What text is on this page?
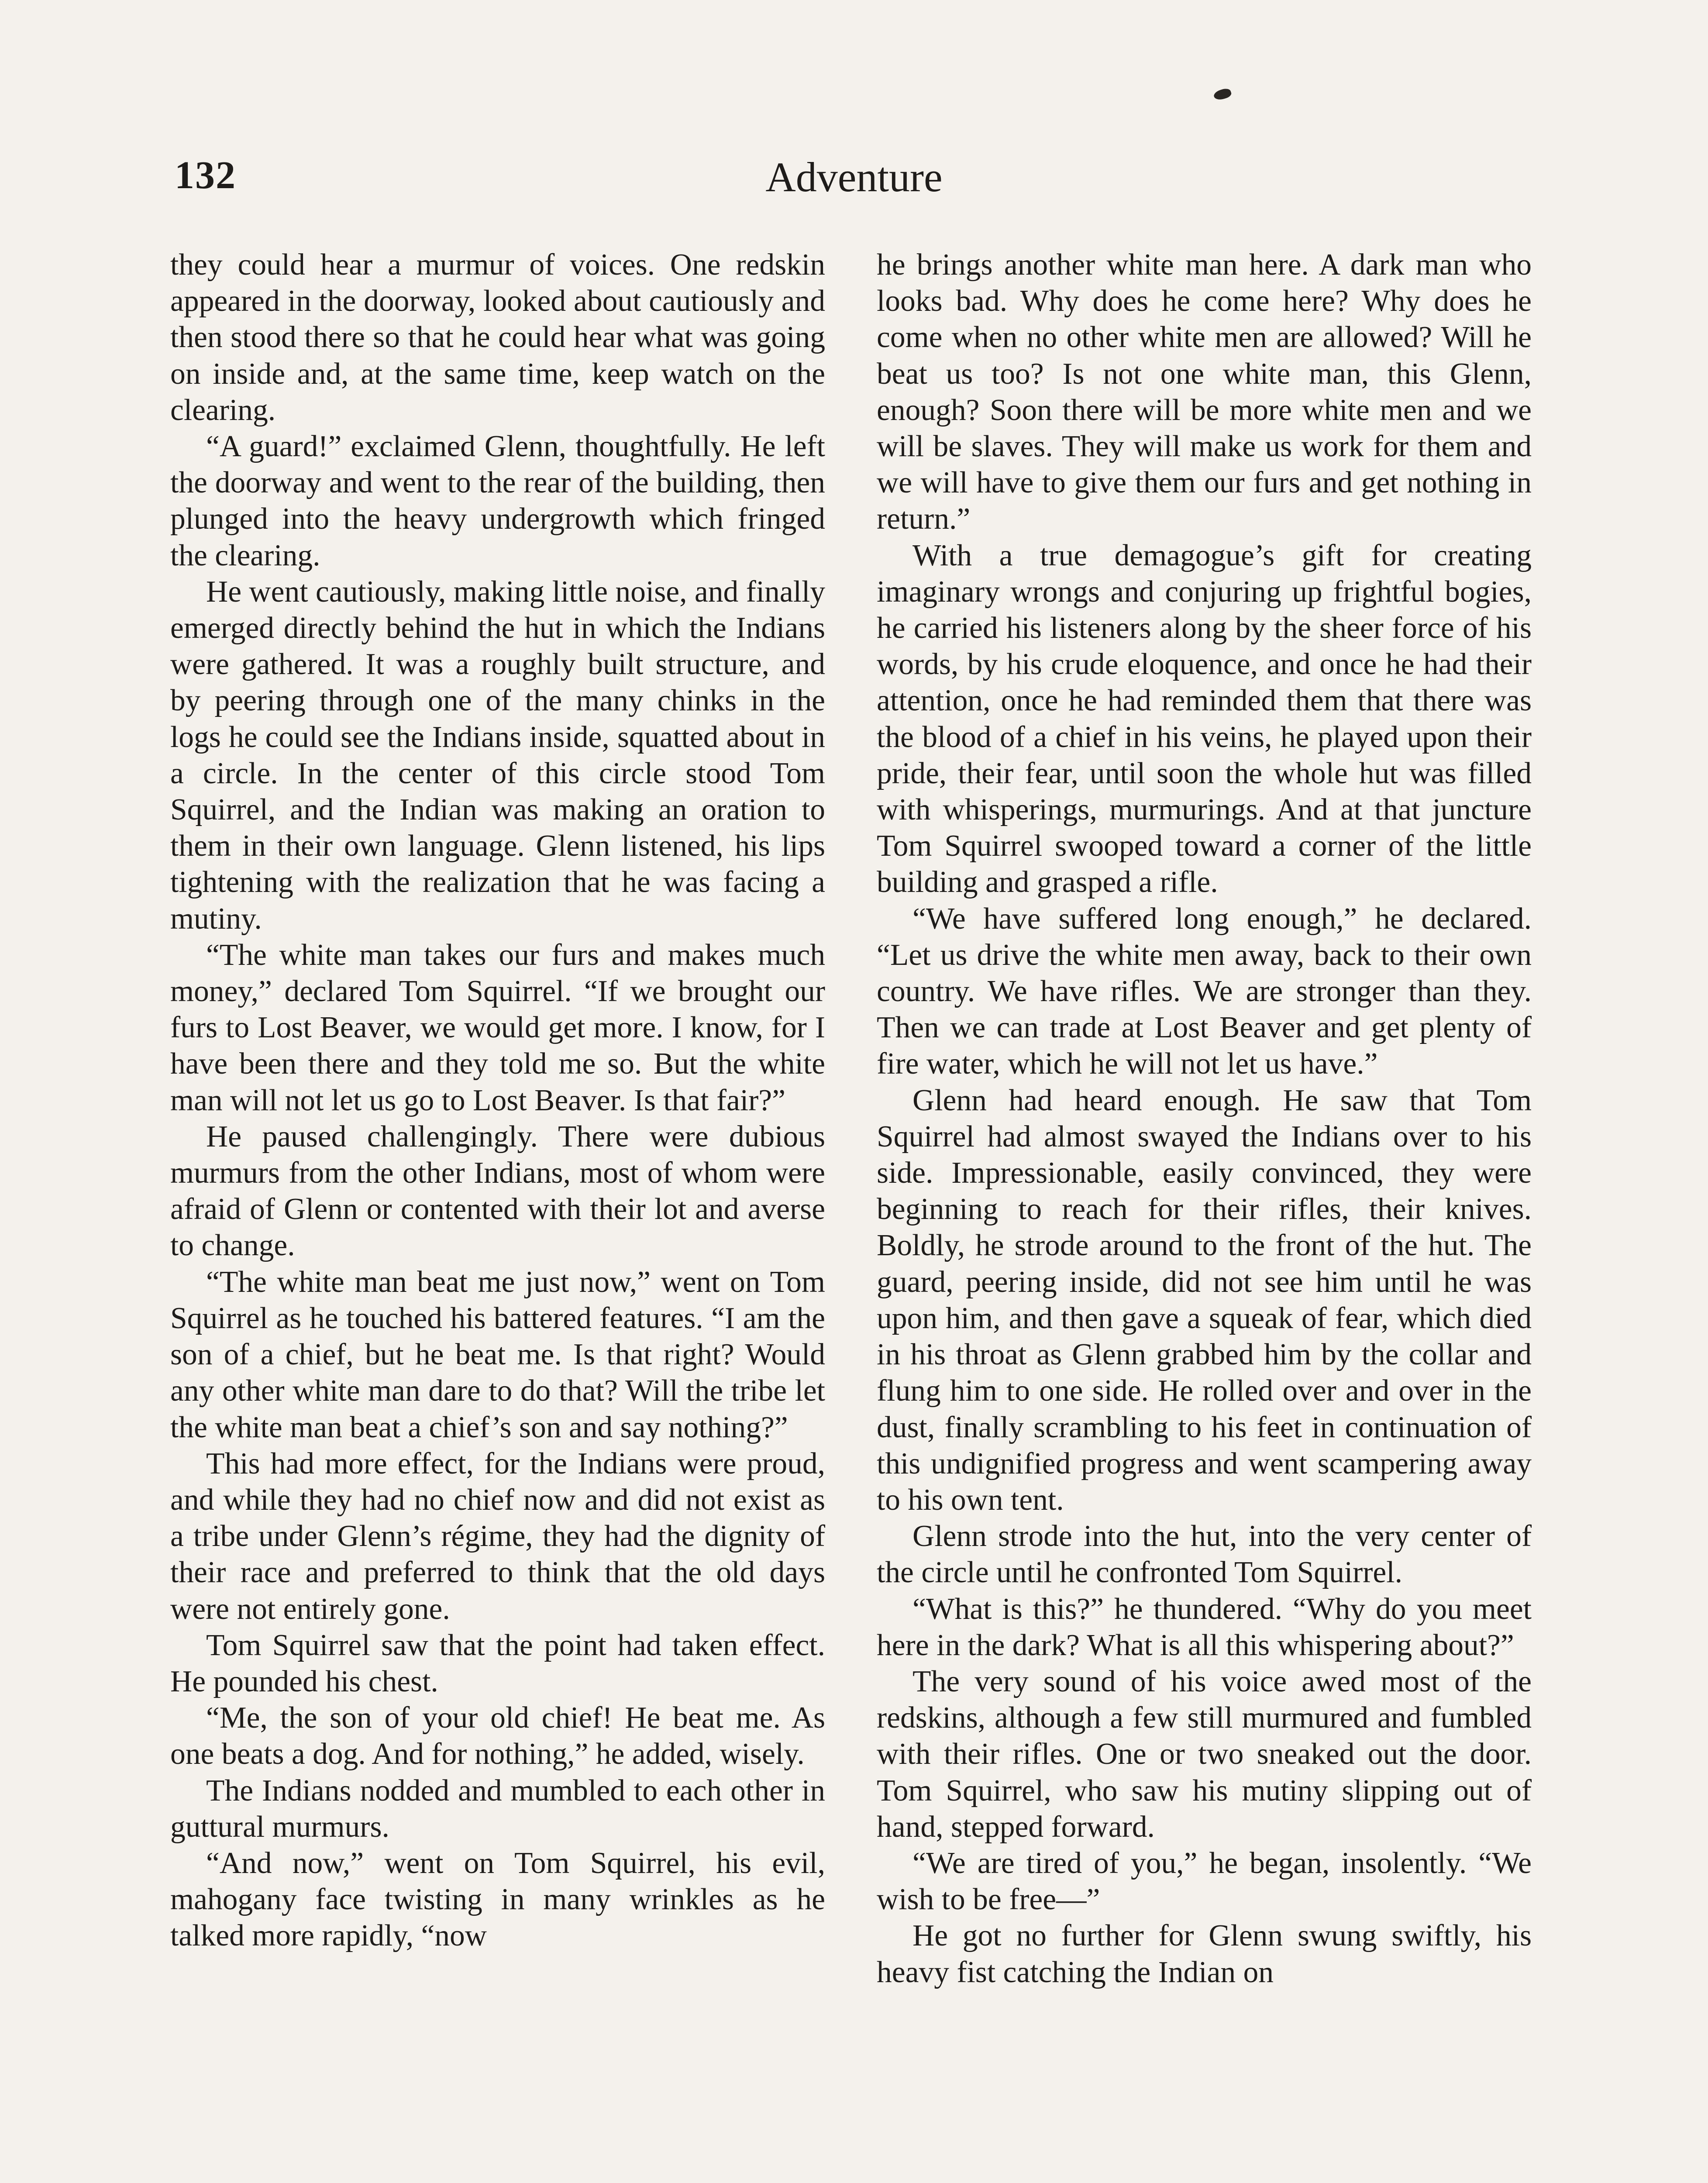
132	Adventure

they could hear a murmur of voices. One redskin appeared in the doorway, looked about cautiously and then stood there so that he could hear what was going on inside and, at the same time, keep watch on the clearing.

“A guard!” exclaimed Glenn, thoughtfully. He left the doorway and went to the rear of the building, then plunged into the heavy undergrowth which fringed the clearing.

He went cautiously, making little noise, and finally emerged directly behind the hut in which the Indians were gathered. It was a roughly built structure, and by peering through one of the many chinks in the logs he could see the Indians inside, squatted about in a circle. In the center of this circle stood Tom Squirrel, and the Indian was making an oration to them in their own language. Glenn listened, his lips tightening with the realization that he was facing a mutiny.

“The white man takes our furs and makes much money,” declared Tom Squirrel. “If we brought our furs to Lost Beaver, we would get more. I know, for I have been there and they told me so. But the white man will not let us go to Lost Beaver. Is that fair?”

He paused challengingly. There were dubious murmurs from the other Indians, most of whom were afraid of Glenn or contented with their lot and averse to change.

“The white man beat me just now,” went on Tom Squirrel as he touched his battered features. “I am the son of a chief, but he beat me. Is that right? Would any other white man dare to do that? Will the tribe let the white man beat a chief’s son and say nothing?”

This had more effect, for the Indians were proud, and while they had no chief now and did not exist as a tribe under Glenn’s régime, they had the dignity of their race and preferred to think that the old days were not entirely gone.

Tom Squirrel saw that the point had taken effect. He pounded his chest.

“Me, the son of your old chief! He beat me. As one beats a dog. And for nothing,” he added, wisely.

The Indians nodded and mumbled to each other in guttural murmurs.

“And now,” went on Tom Squirrel, his evil, mahogany face twisting in many wrinkles as he talked more rapidly, “now

he brings another white man here. A dark man who looks bad. Why does he come here? Why does he come when no other white men are allowed? Will he beat us too? Is not one white man, this Glenn, enough? Soon there will be more white men and we will be slaves. They will make us work for them and we will have to give them our furs and get nothing in return.”

With a true demagogue’s gift for creating imaginary wrongs and conjuring up frightful bogies, he carried his listeners along by the sheer force of his words, by his crude eloquence, and once he had their attention, once he had reminded them that there was the blood of a chief in his veins, he played upon their pride, their fear, until soon the whole hut was filled with whisperings, murmurings. And at that juncture Tom Squirrel swooped toward a corner of the little building and grasped a rifle.

“We have suffered long enough,” he declared. “Let us drive the white men away, back to their own country. We have rifles. We are stronger than they. Then we can trade at Lost Beaver and get plenty of fire water, which he will not let us have.”

Glenn had heard enough. He saw that Tom Squirrel had almost swayed the Indians over to his side. Impressionable, easily convinced, they were beginning to reach for their rifles, their knives. Boldly, he strode around to the front of the hut. The guard, peering inside, did not see him until he was upon him, and then gave a squeak of fear, which died in his throat as Glenn grabbed him by the collar and flung him to one side. He rolled over and over in the dust, finally scrambling to his feet in continuation of this undignified progress and went scampering away to his own tent.

Glenn strode into the hut, into the very center of the circle until he confronted Tom Squirrel.

“What is this?” he thundered. “Why do you meet here in the dark? What is all this whispering about?”

The very sound of his voice awed most of the redskins, although a few still murmured and fumbled with their rifles. One or two sneaked out the door. Tom Squirrel, who saw his mutiny slipping out of hand, stepped forward.

“We are tired of you,” he began, insolently. “We wish to be free—”

He got no further for Glenn swung swiftly, his heavy fist catching the Indian on
